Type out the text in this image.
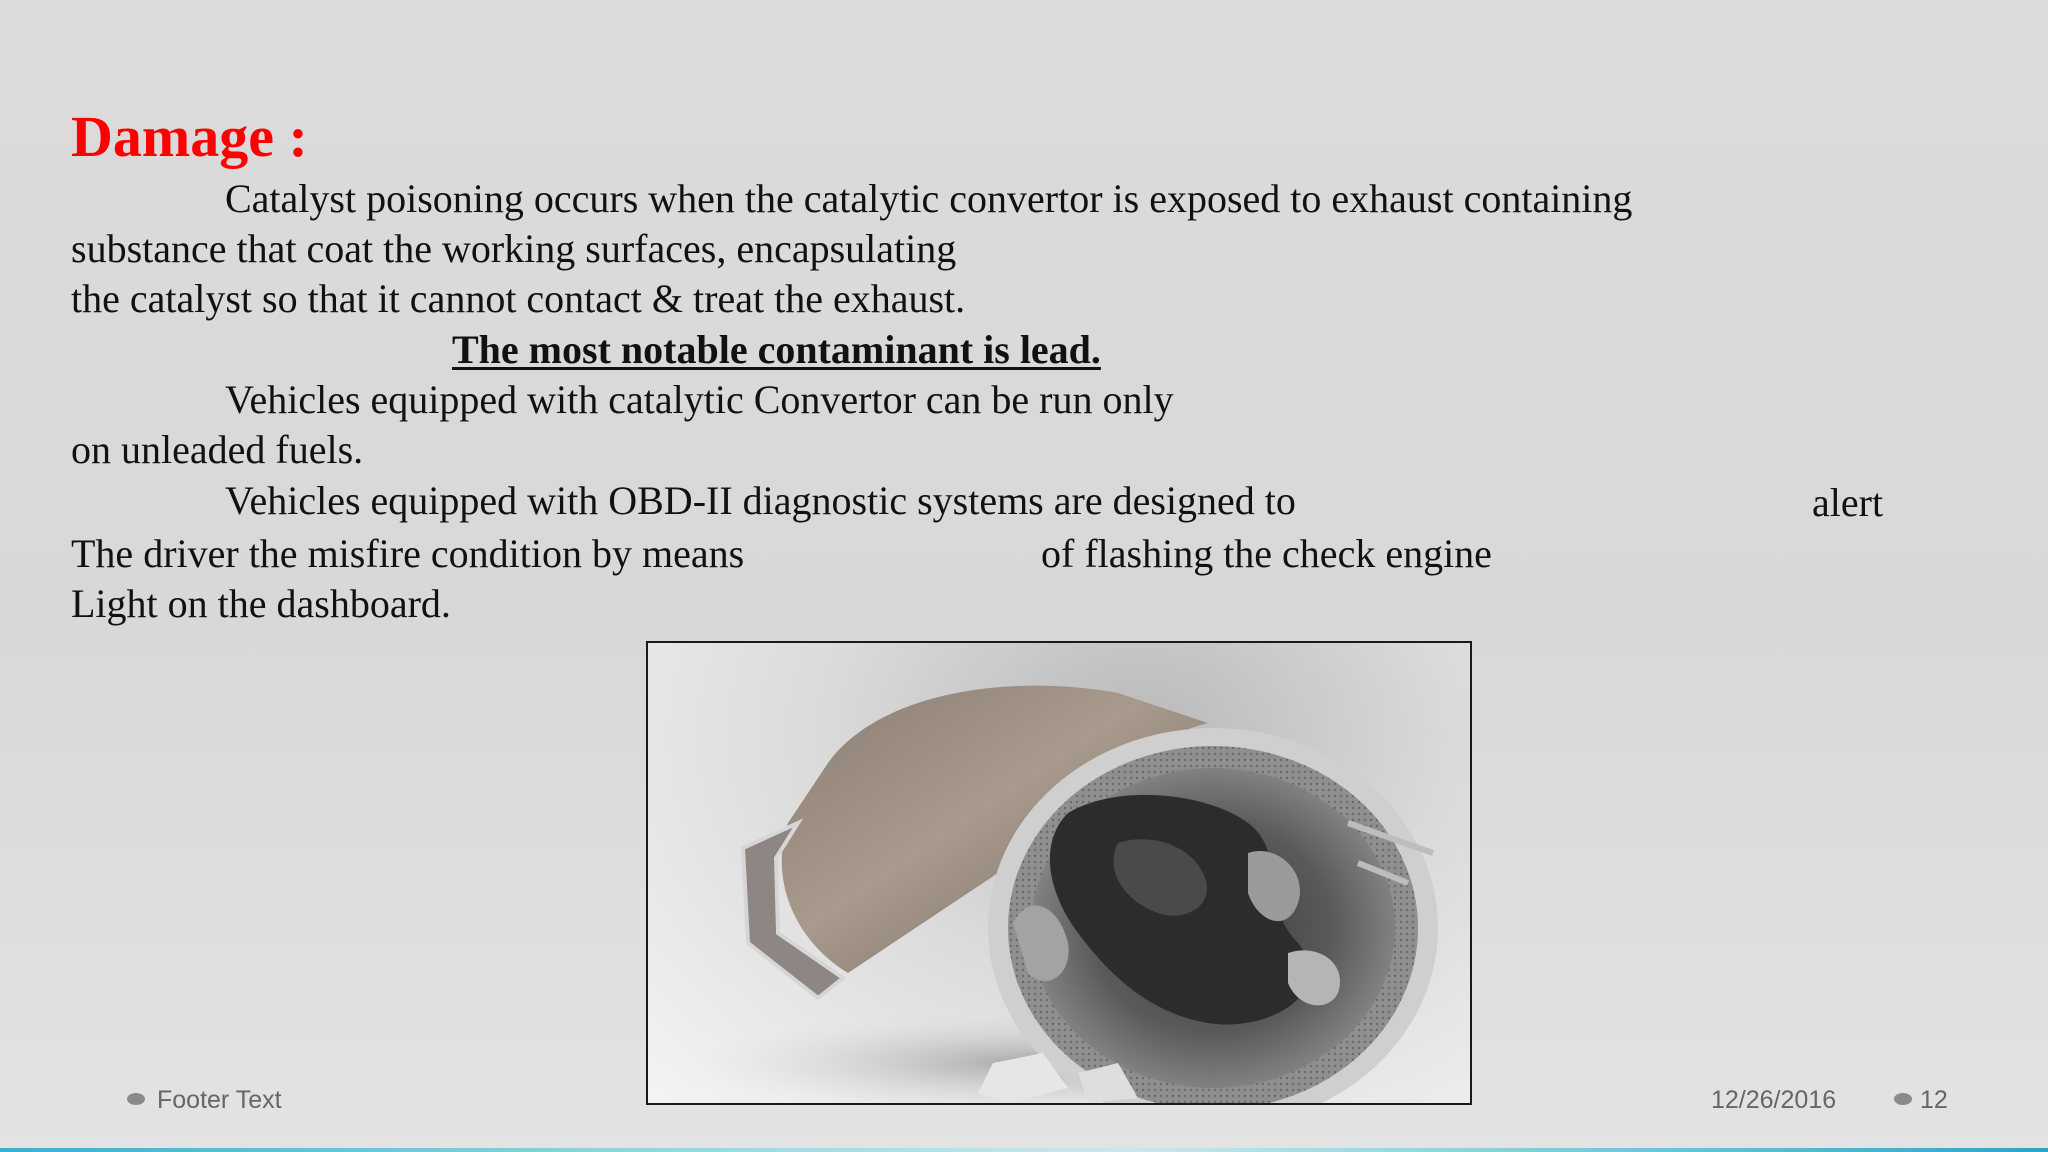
Damage :
Catalyst poisoning occurs when the catalytic convertor is exposed to exhaust containing
substance that coat the working surfaces, encapsulating
the catalyst so that it cannot contact & treat the exhaust.
The most notable contaminant is lead.
Vehicles equipped with catalytic Convertor can be run only
on unleaded fuels.
Vehicles equipped with OBD-II diagnostic systems are designed to	alert
The driver the misfire condition by means	of flashing the check engine
Light on the dashboard.
Footer Text	12/26/2016	12
